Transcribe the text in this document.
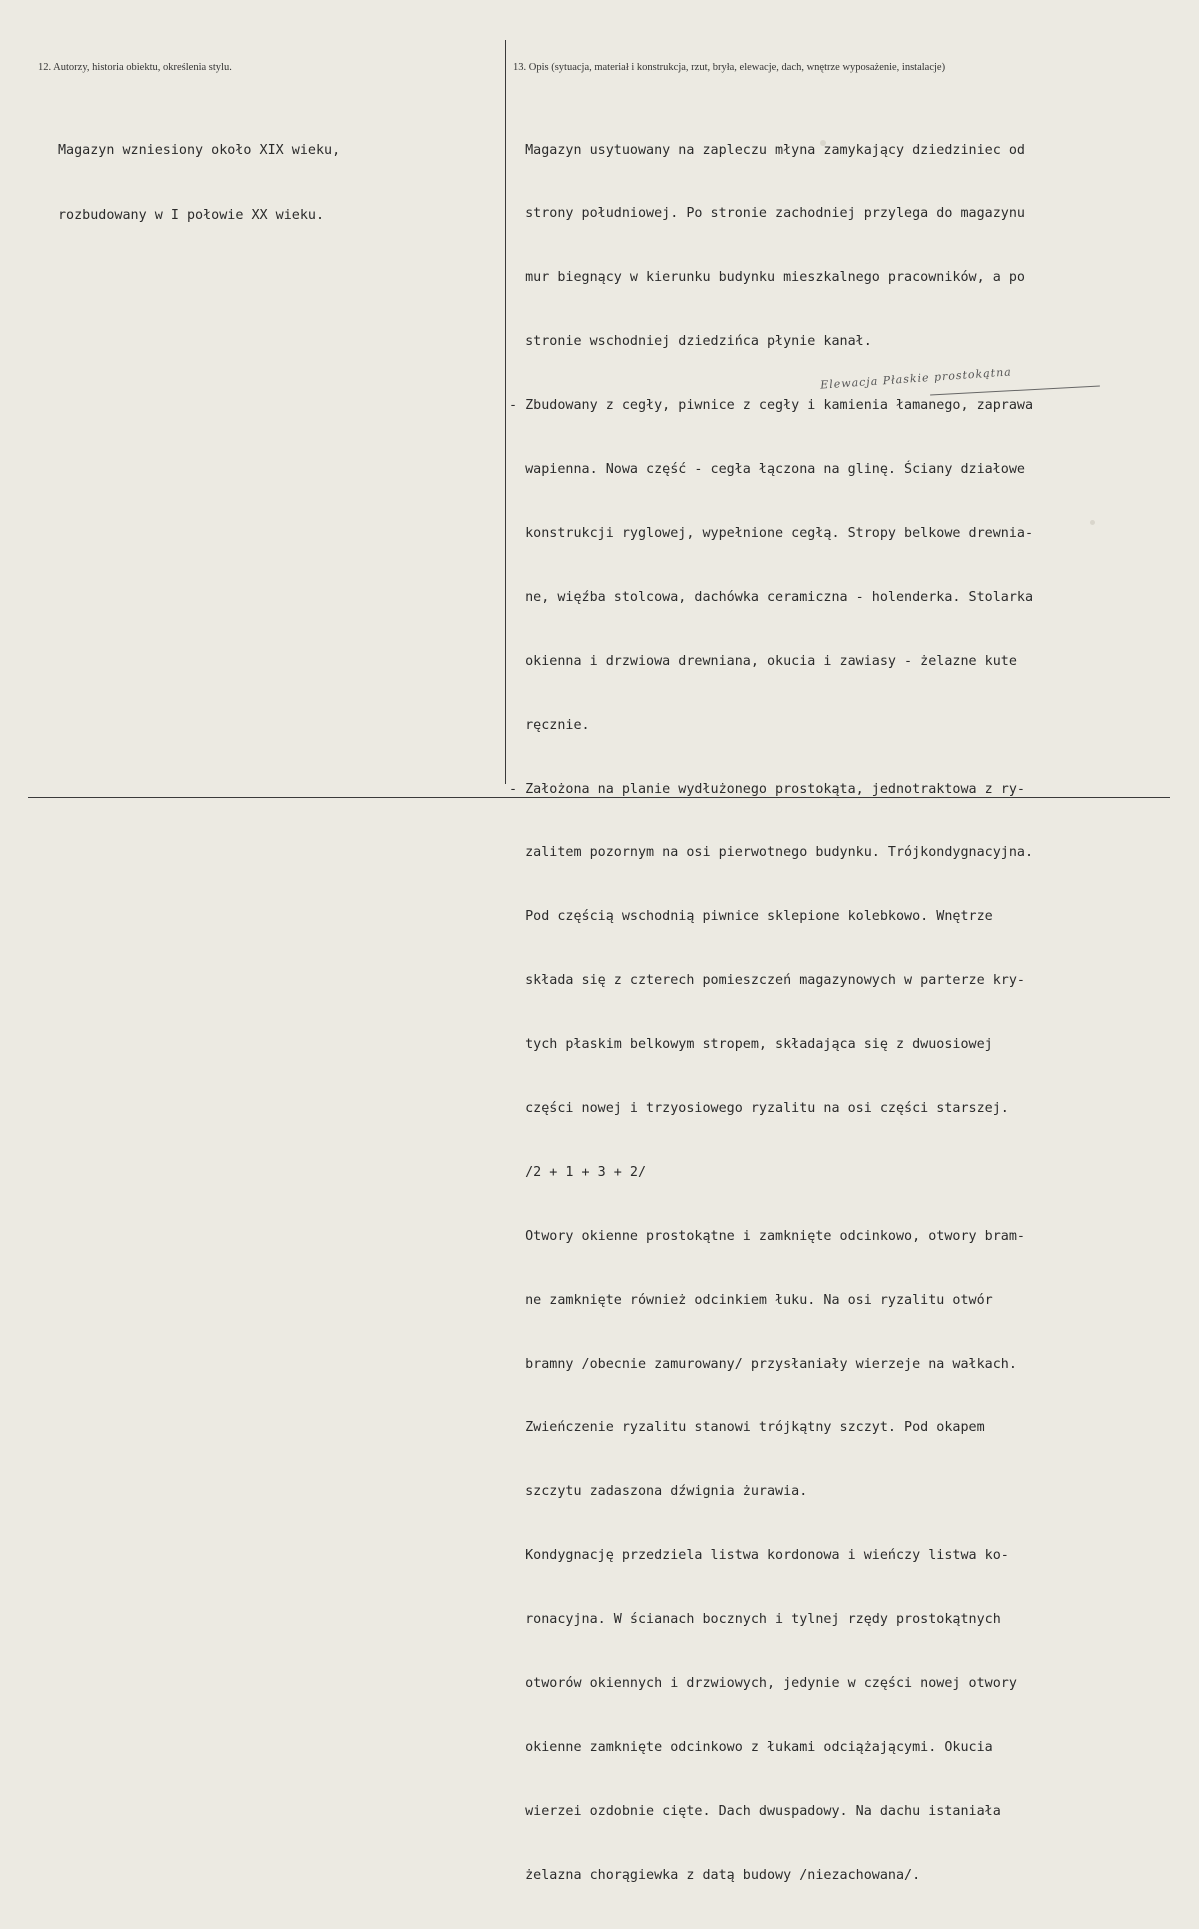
12. Autorzy, historia obiektu, określenia stylu.	13. Opis (sytuacja, materiał i konstrukcja, rzut, bryła, elewacje, dach, wnętrze wyposażenie, instalacje)

Magazyn wzniesiony około XIX wieku,

rozbudowany w I połowie XX wieku.

Magazyn usytuowany na zapleczu młyna zamykający dziedziniec od

strony południowej. Po stronie zachodniej przylega do magazynu

mur biegnący w kierunku budynku mieszkalnego pracowników, a po

stronie wschodniej dziedzińca płynie kanał.

- Zbudowany z cegły, piwnice z cegły i kamienia łamanego, zaprawa

wapienna. Nowa część - cegła łączona na glinę. Ściany działowe

konstrukcji ryglowej, wypełnione cegłą. Stropy belkowe drewnia-

ne, więźba stolcowa, dachówka ceramiczna - holenderka. Stolarka

okienna i drzwiowa drewniana, okucia i zawiasy - żelazne kute

ręcznie.

- Założona na planie wydłużonego prostokąta, jednotraktowa z ry-

zalitem pozornym na osi pierwotnego budynku. Trójkondygnacyjna.

Pod częścią wschodnią piwnice sklepione kolebkowo. Wnętrze

składa się z czterech pomieszczeń magazynowych w parterze kry-

tych płaskim belkowym stropem, składająca się z dwuosiowej

części nowej i trzyosiowego ryzalitu na osi części starszej.

/2 + 1 + 3 + 2/

Otwory okienne prostokątne i zamknięte odcinkowo, otwory bram-

ne zamknięte również odcinkiem łuku. Na osi ryzalitu otwór

bramny /obecnie zamurowany/ przysłaniały wierzeje na wałkach.

Zwieńczenie ryzalitu stanowi trójkątny szczyt. Pod okapem

szczytu zadaszona dźwignia żurawia.

Kondygnację przedziela listwa kordonowa i wieńczy listwa ko-

ronacyjna. W ścianach bocznych i tylnej rzędy prostokątnych

otworów okiennych i drzwiowych, jedynie w części nowej otwory

okienne zamknięte odcinkowo z łukami odciążającymi. Okucia

wierzei ozdobnie cięte. Dach dwuspadowy. Na dachu istaniała

żelazna chorągiewka z datą budowy /niezachowana/.

Elewacja Płaskie prostokątna
